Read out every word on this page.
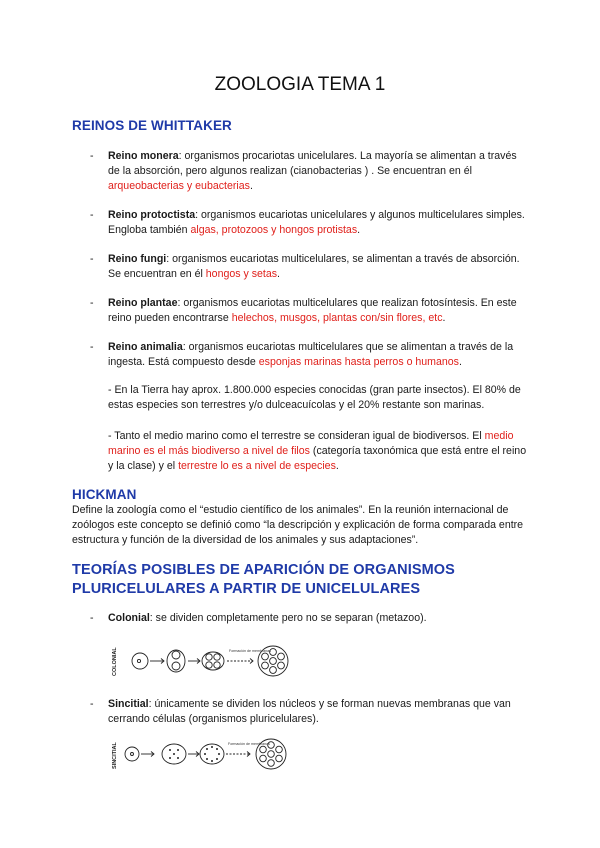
ZOOLOGIA TEMA 1
REINOS DE WHITTAKER
- Reino monera: organismos procariotas unicelulares. La mayoría se alimentan a través de la absorción, pero algunos realizan (cianobacterias ) . Se encuentran en él arqueobacterias y eubacterias.
- Reino protoctista: organismos eucariotas unicelulares y algunos multicelulares simples. Engloba también algas, protozoos y hongos protistas.
- Reino fungi: organismos eucariotas multicelulares, se alimentan a través de absorción. Se encuentran en él hongos y setas.
- Reino plantae: organismos eucariotas multicelulares que realizan fotosíntesis. En este reino pueden encontrarse helechos, musgos, plantas con/sin flores, etc.
- Reino animalia: organismos eucariotas multicelulares que se alimentan a través de la ingesta. Está compuesto desde esponjas marinas hasta perros o humanos.
- En la Tierra hay aprox. 1.800.000 especies conocidas (gran parte insectos). El 80% de estas especies son terrestres y/o dulceacuícolas y el 20% restante son marinas.
- Tanto el medio marino como el terrestre se consideran igual de biodiversos. El medio marino es el más biodiverso a nivel de filos (categoría taxonómica que está entre el reino y la clase) y el terrestre lo es a nivel de especies.
HICKMAN
Define la zoología como el “estudio científico de los animales”. En la reunión internacional de zoólogos este concepto se definió como “la descripción y explicación de forma comparada entre estructura y función de la diversidad de los animales y sus adaptaciones”.
TEORÍAS POSIBLES DE APARICIÓN DE ORGANISMOS
PLURICELULARES A PARTIR DE UNICELULARES
- Colonial: se dividen completamente pero no se separan (metazoo).
COLONIAL	Formación de membranas
- Sincitial: únicamente se dividen los núcleos y se forman nuevas membranas que van cerrando células (organismos pluricelulares).
SINCITIAL	Formación de membranas
